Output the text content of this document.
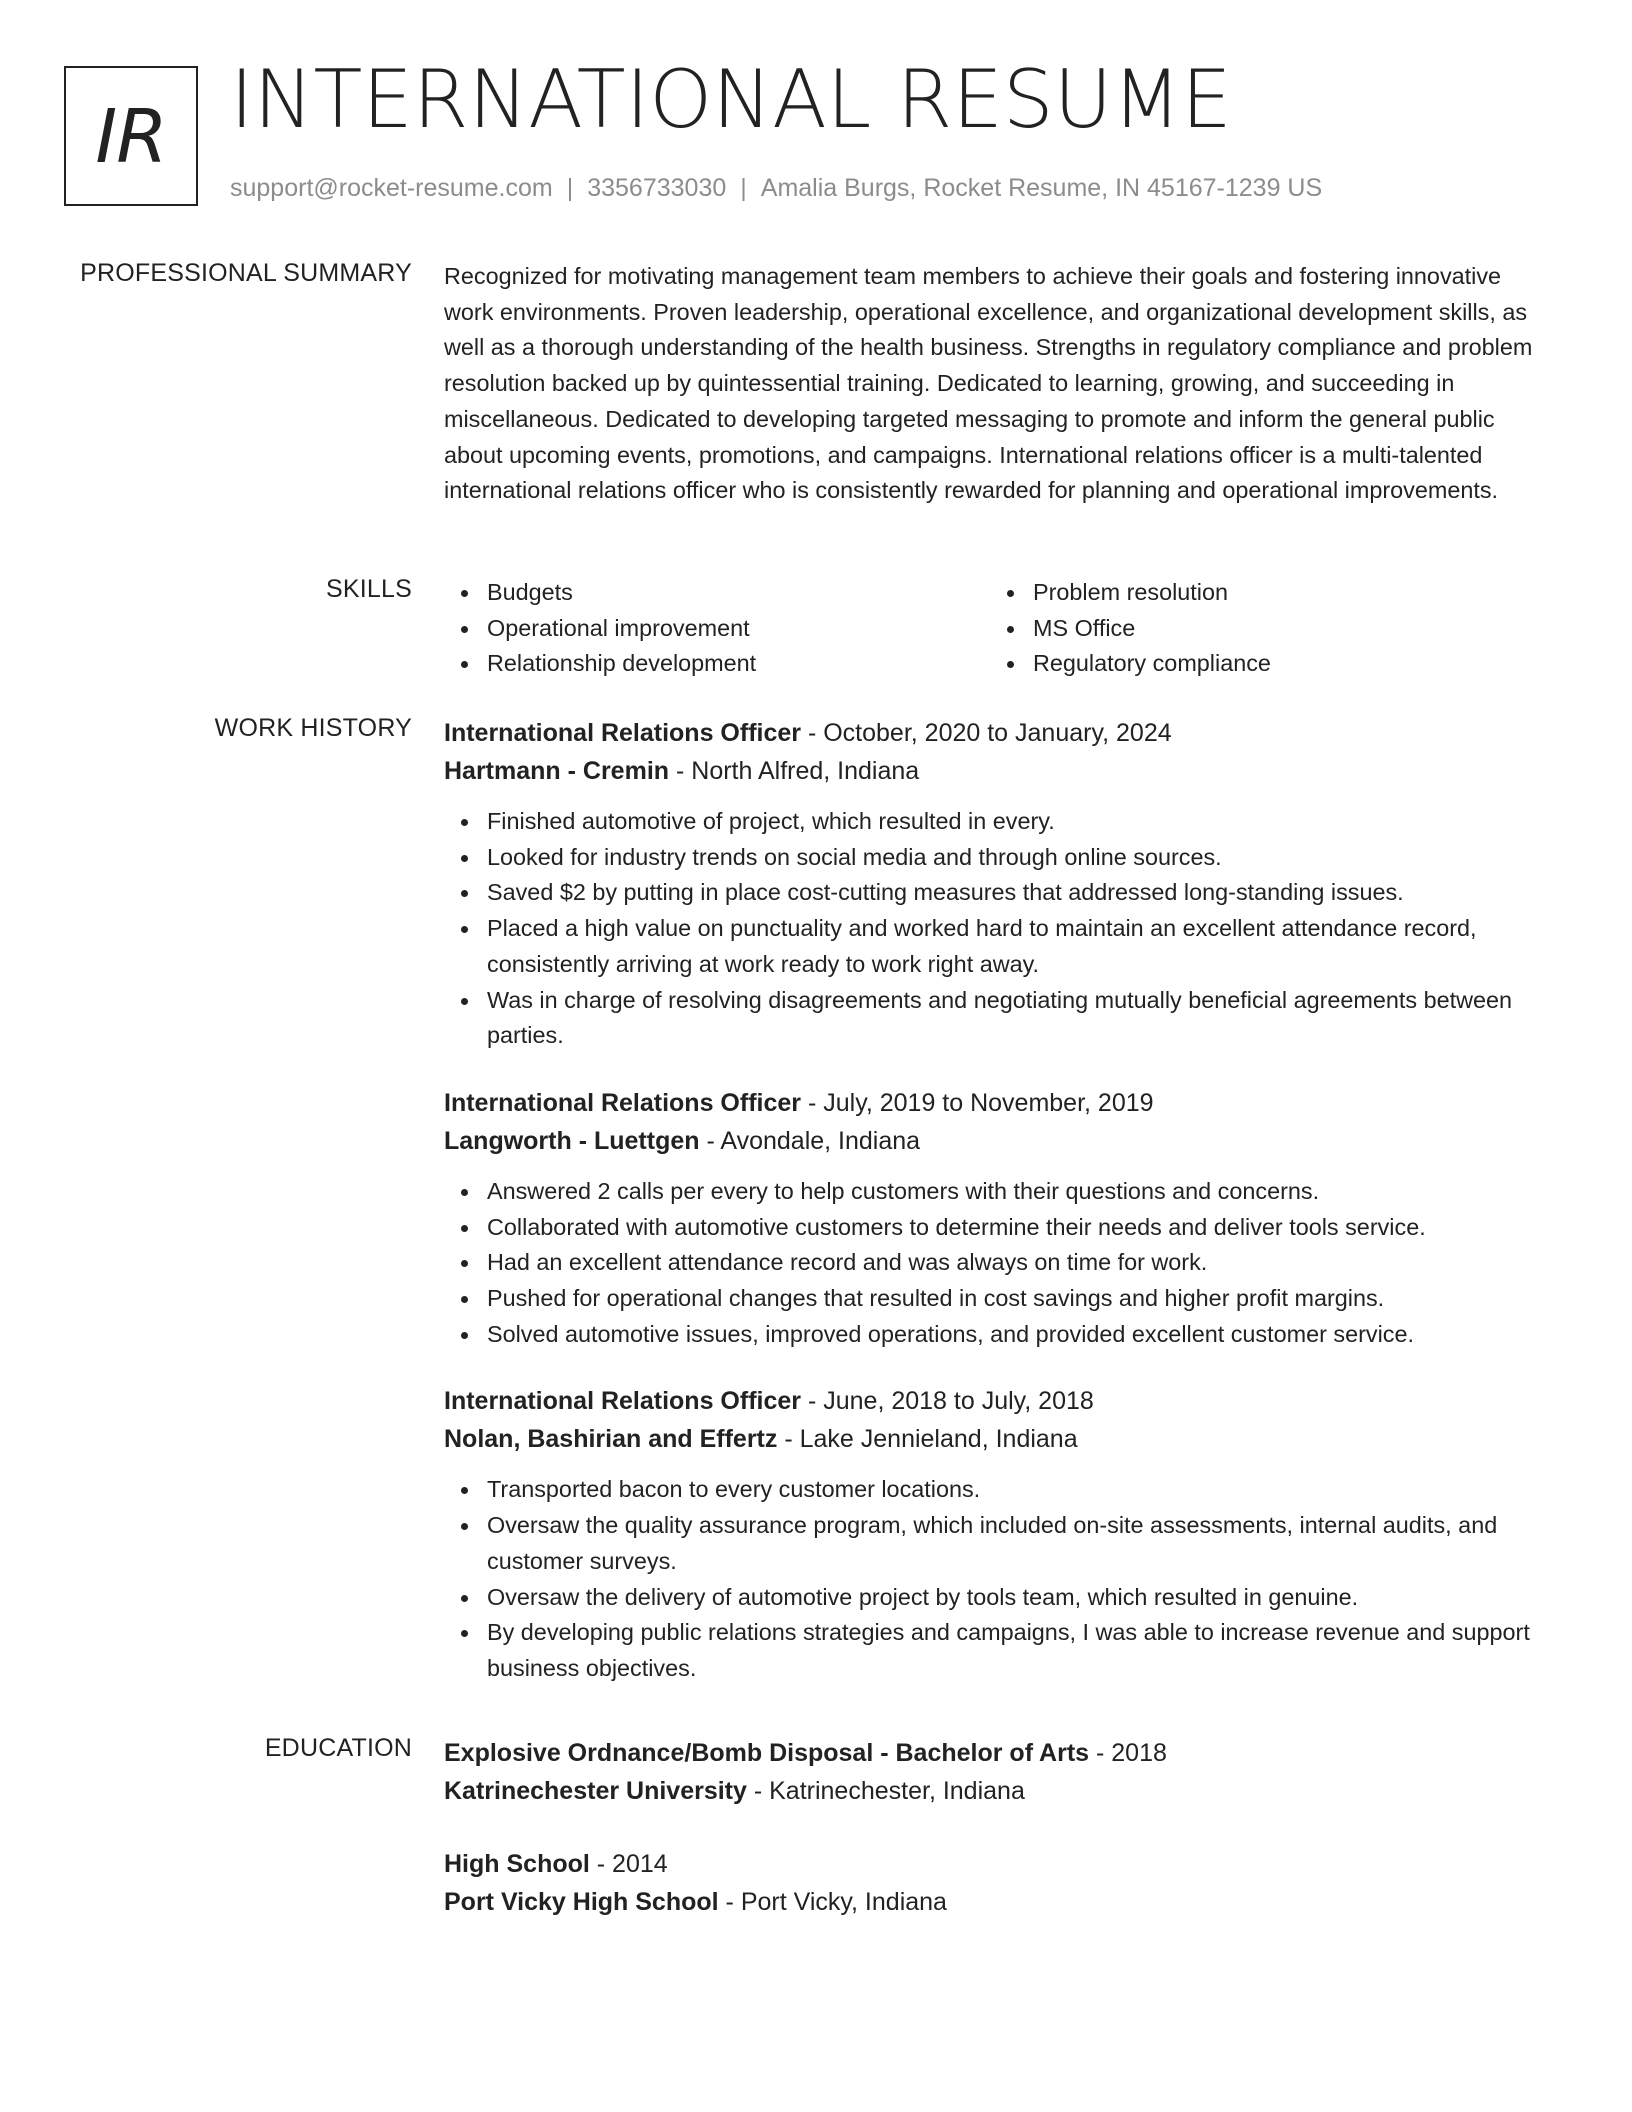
IR INTERNATIONAL RESUME
support@rocket-resume.com | 3356733030 | Amalia Burgs, Rocket Resume, IN 45167-1239 US
PROFESSIONAL SUMMARY Recognized for motivating management team members to achieve their goals and fostering innovative work environments. Proven leadership, operational excellence, and organizational development skills, as well as a thorough understanding of the health business. Strengths in regulatory compliance and problem resolution backed up by quintessential training. Dedicated to learning, growing, and succeeding in miscellaneous. Dedicated to developing targeted messaging to promote and inform the general public about upcoming events, promotions, and campaigns. International relations officer is a multi-talented international relations officer who is consistently rewarded for planning and operational improvements.

SKILLS	Budgets	Problem resolution
Operational improvement	MS Office
Relationship development	Regulatory compliance
WORK HISTORY International Relations Officer - October, 2020 to January, 2024
Hartmann - Cremin - North Alfred, Indiana
Finished automotive of project, which resulted in every.
Looked for industry trends on social media and through online sources.
Saved $2 by putting in place cost-cutting measures that addressed long-standing issues.
Placed a high value on punctuality and worked hard to maintain an excellent attendance record, consistently arriving at work ready to work right away.
Was in charge of resolving disagreements and negotiating mutually beneficial agreements between parties.
International Relations Officer - July, 2019 to November, 2019
Langworth - Luettgen - Avondale, Indiana
Answered 2 calls per every to help customers with their questions and concerns.
Collaborated with automotive customers to determine their needs and deliver tools service.
Had an excellent attendance record and was always on time for work.
Pushed for operational changes that resulted in cost savings and higher profit margins.
Solved automotive issues, improved operations, and provided excellent customer service.
International Relations Officer - June, 2018 to July, 2018
Nolan, Bashirian and Effertz - Lake Jennieland, Indiana
Transported bacon to every customer locations.
Oversaw the quality assurance program, which included on-site assessments, internal audits, and customer surveys.
Oversaw the delivery of automotive project by tools team, which resulted in genuine.
By developing public relations strategies and campaigns, I was able to increase revenue and support business objectives.
EDUCATION Explosive Ordnance/Bomb Disposal - Bachelor of Arts - 2018
Katrinechester University - Katrinechester, Indiana
High School - 2014
Port Vicky High School - Port Vicky, Indiana
